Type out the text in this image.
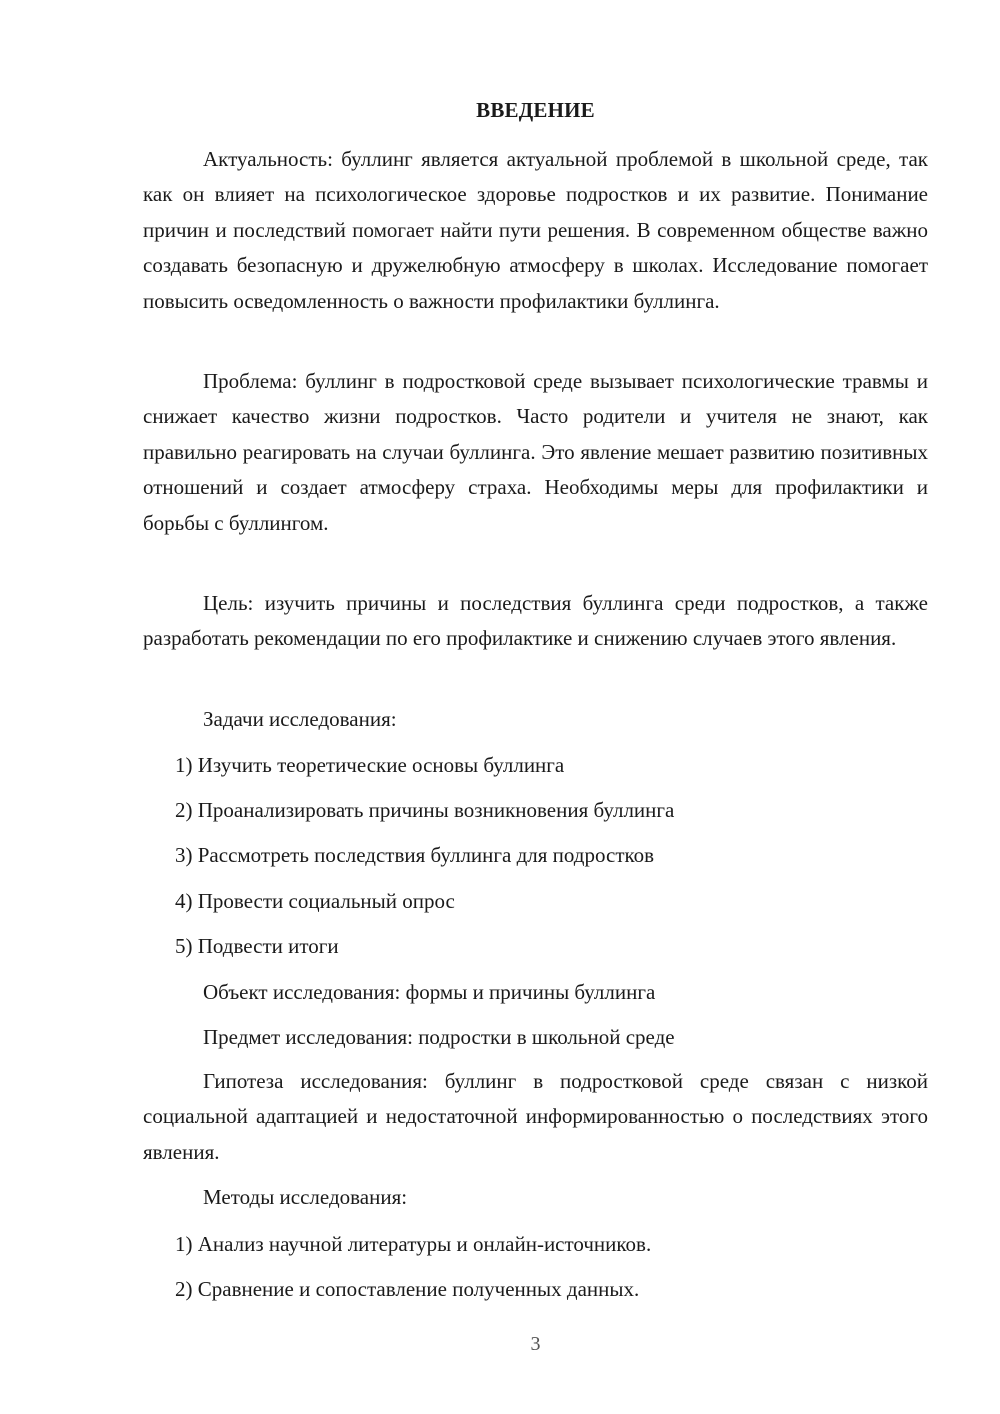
ВВЕДЕНИЕ

Актуальность: буллинг является актуальной проблемой в школьной среде, так как он влияет на психологическое здоровье подростков и их развитие. Понимание причин и последствий помогает найти пути решения. В современном обществе важно создавать безопасную и дружелюбную атмосферу в школах. Исследование помогает повысить осведомленность о важности профилактики буллинга.

Проблема: буллинг в подростковой среде вызывает психологические травмы и снижает качество жизни подростков. Часто родители и учителя не знают, как правильно реагировать на случаи буллинга. Это явление мешает развитию позитивных отношений и создает атмосферу страха. Необходимы меры для профилактики и борьбы с буллингом.

Цель: изучить причины и последствия буллинга среди подростков, а также разработать рекомендации по его профилактике и снижению случаев этого явления.

Задачи исследования:

1) Изучить теоретические основы буллинга

2) Проанализировать причины возникновения буллинга

3) Рассмотреть последствия буллинга для подростков

4) Провести социальный опрос

5) Подвести итоги

Объект исследования: формы и причины буллинга

Предмет исследования: подростки в школьной среде

Гипотеза исследования: буллинг в подростковой среде связан с низкой социальной адаптацией и недостаточной информированностью о последствиях этого явления.

Методы исследования:

1) Анализ научной литературы и онлайн-источников.

2) Сравнение и сопоставление полученных данных.

3
